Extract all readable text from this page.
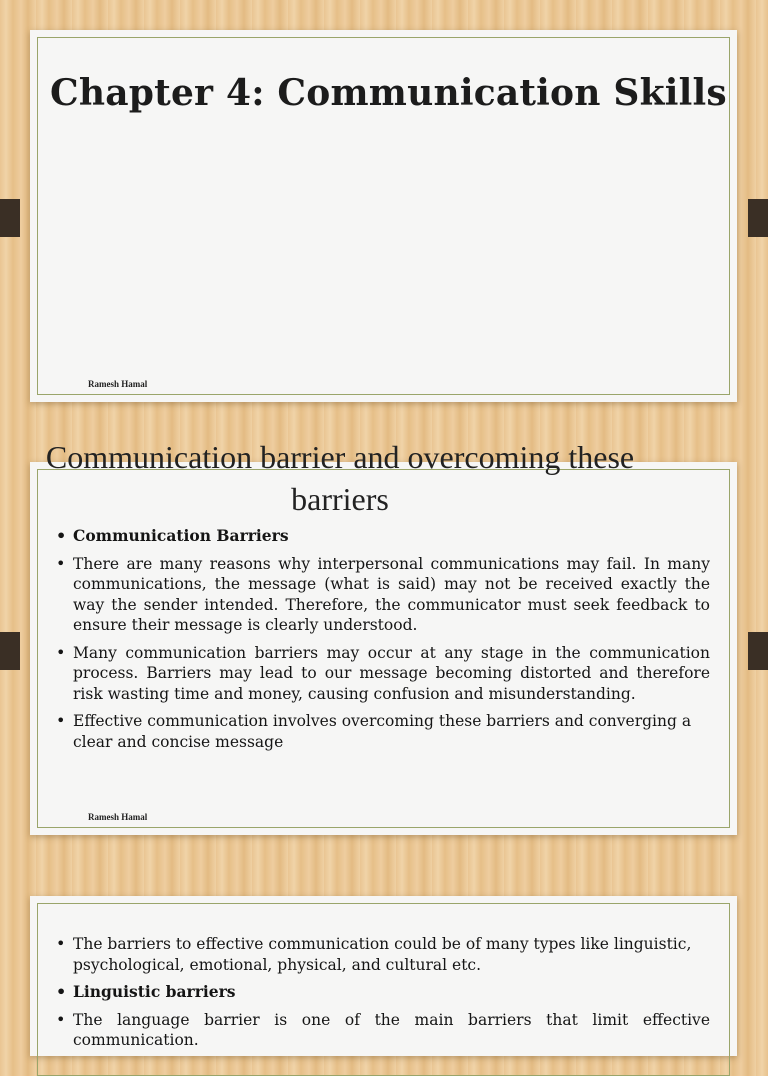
Chapter 4: Communication Skills
Ramesh Hamal
Communication barrier and overcoming these barriers
• Communication Barriers
• There are many reasons why interpersonal communications may fail. In many communications, the message (what is said) may not be received exactly the way the sender intended. Therefore, the communicator must seek feedback to ensure their message is clearly understood.
• Many communication barriers may occur at any stage in the communication process. Barriers may lead to our message becoming distorted and therefore risk wasting time and money, causing confusion and misunderstanding.
• Effective communication involves overcoming these barriers and converging a clear and concise message
Ramesh Hamal
• The barriers to effective communication could be of many types like linguistic, psychological, emotional, physical, and cultural etc.
• Linguistic barriers
• The language barrier is one of the main barriers that limit effective communication.
